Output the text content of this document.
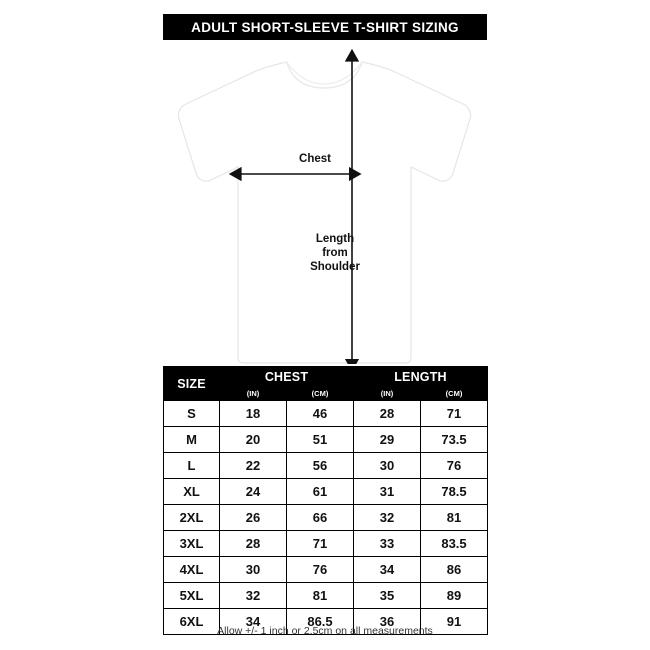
ADULT SHORT-SLEEVE T-SHIRT SIZING
Chest
Length
from
Shoulder
SIZE	CHEST		LENGTH	
	(IN)	(CM)	(IN)	(CM)
S	18	46	28	71
M	20	51	29	73.5
L	22	56	30	76
XL	24	61	31	78.5
2XL	26	66	32	81
3XL	28	71	33	83.5
4XL	30	76	34	86
5XL	32	81	35	89
6XL	34	86.5	36	91
Allow +/- 1 inch or 2.5cm on all measurements
